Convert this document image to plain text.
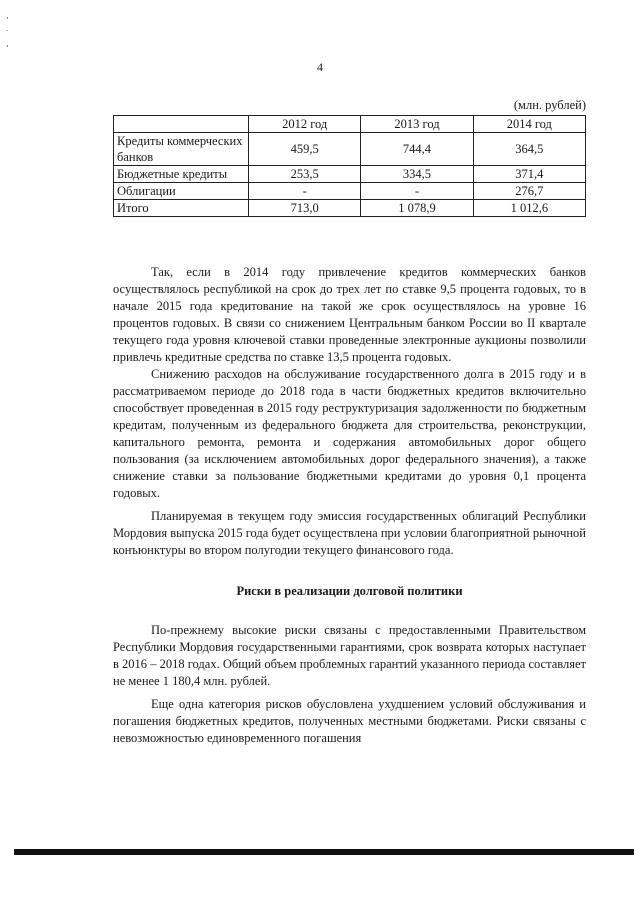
¸
.
¸
4
(млн. рублей)
	2012 год	2013 год	2014 год
Кредиты коммерческих банков	459,5	744,4	364,5
Бюджетные кредиты	253,5	334,5	371,4
Облигации	-	-	276,7
Итого	713,0	1 078,9	1 012,6

Так, если в 2014 году привлечение кредитов коммерческих банков осуществлялось республикой на срок до трех лет по ставке 9,5 процента годовых, то в начале 2015 года кредитование на такой же срок осуществлялось на уровне 16 процентов годовых. В связи со снижением Центральным банком России во II квартале текущего года уровня ключевой ставки проведенные электронные аукционы позволили привлечь кредитные средства по ставке 13,5 процента годовых.

Снижению расходов на обслуживание государственного долга в 2015 году и в рассматриваемом периоде до 2018 года в части бюджетных кредитов включительно способствует проведенная в 2015 году реструктуризация задолженности по бюджетным кредитам, полученным из федерального бюджета для строительства, реконструкции, капитального ремонта, ремонта и содержания автомобильных дорог общего пользования (за исключением автомобильных дорог федерального значения), а также снижение ставки за пользование бюджетными кредитами до уровня 0,1 процента годовых.

Планируемая в текущем году эмиссия государственных облигаций Республики Мордовия выпуска 2015 года будет осуществлена при условии благоприятной рыночной конъюнктуры во втором полугодии текущего финансового года.

Риски в реализации долговой политики

По-прежнему высокие риски связаны с предоставленными Правительством Республики Мордовия государственными гарантиями, срок возврата которых наступает в 2016 – 2018 годах. Общий объем проблемных гарантий указанного периода составляет не менее 1 180,4 млн. рублей.

Еще одна категория рисков обусловлена ухудшением условий обслуживания и погашения бюджетных кредитов, полученных местными бюджетами. Риски связаны с невозможностью единовременного погашения
